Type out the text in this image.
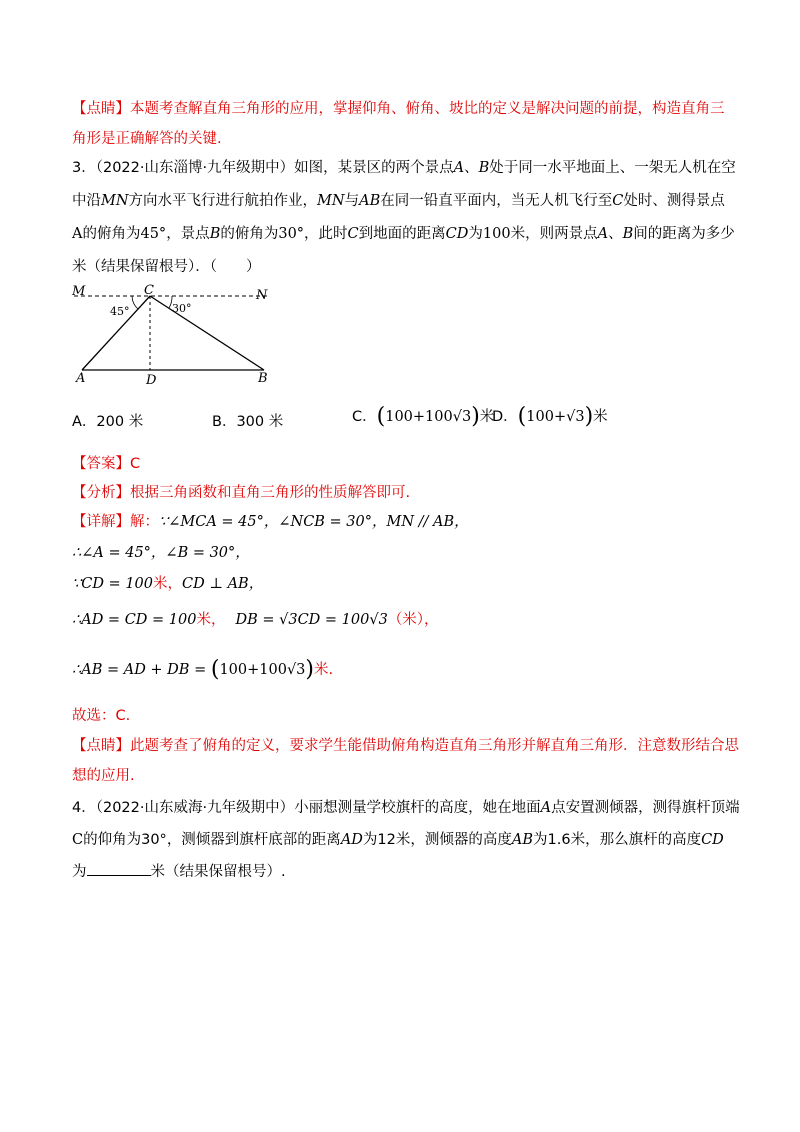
【点睛】本题考查解直角三角形的应用，掌握仰角、俯角、坡比的定义是解决问题的前提，构造直角三
角形是正确解答的关键.
3．（2022·山东淄博·九年级期中）如图，某景区的两个景点A、B处于同一水平地面上、一架无人机在空
中沿MN方向水平飞行进行航拍作业，MN与AB在同一铅直平面内，当无人机飞行至C处时、测得景点
A的俯角为45°，景点B的俯角为30°，此时C到地面的距离CD为100米，则两景点A、B间的距离为多少
米（结果保留根号）．（　　）
M	C	N
45°	30°
A	D	B
A．200 米	B．300 米	C．(100+100√3)米
D．(100+√3)米
【答案】C
【分析】根据三角函数和直角三角形的性质解答即可.
【详解】解：∵∠MCA = 45°，∠NCB = 30°，MN // AB，
∴∠A = 45°，∠B = 30°，
∵CD = 100米，CD ⊥ AB，
∴AD = CD = 100米， DB = √3CD = 100√3（米），
∴AB = AD + DB = (100+100√3)米.
故选：C.
【点睛】此题考查了俯角的定义，要求学生能借助俯角构造直角三角形并解直角三角形．注意数形结合思
想的应用.
4．（2022·山东威海·九年级期中）小丽想测量学校旗杆的高度，她在地面A点安置测倾器，测得旗杆顶端
C的仰角为30°，测倾器到旗杆底部的距离AD为12米，测倾器的高度AB为1.6米，那么旗杆的高度CD
为	米（结果保留根号）.
